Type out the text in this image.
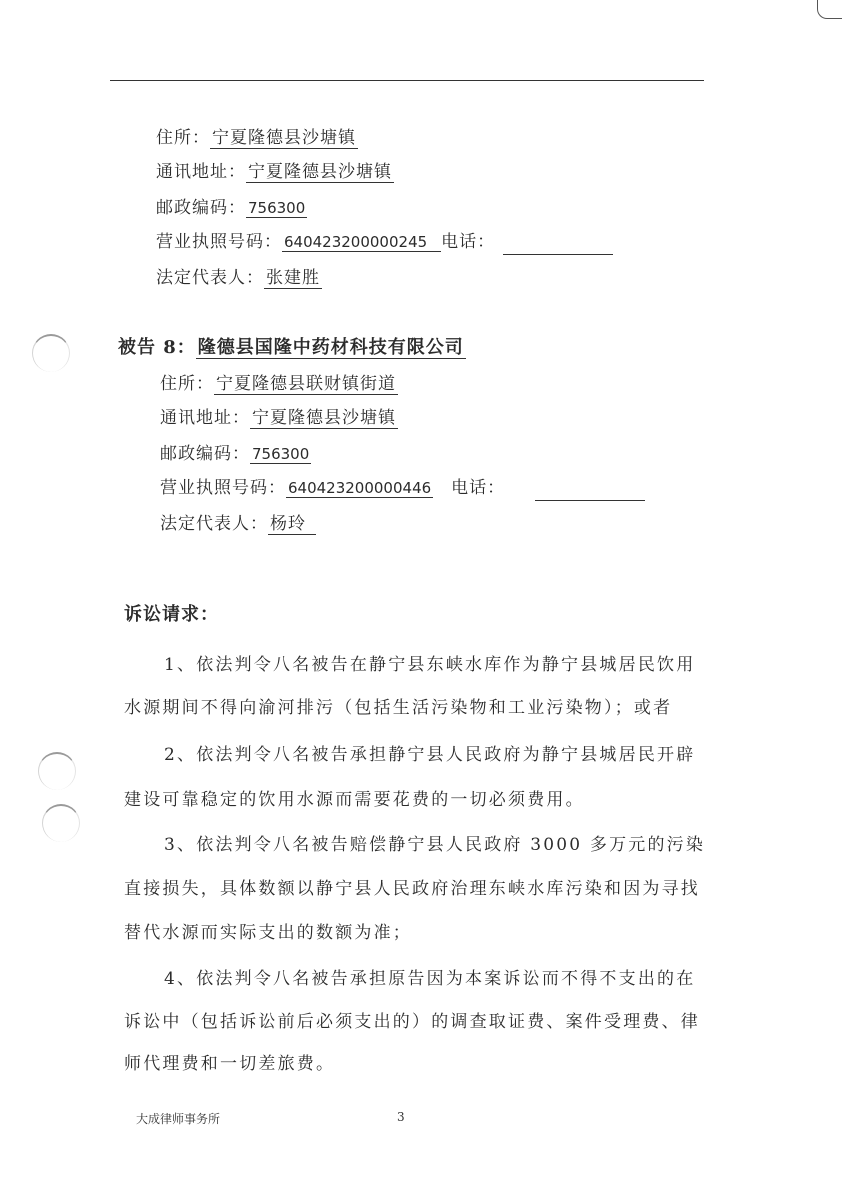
住所： 宁夏隆德县沙塘镇
通讯地址： 宁夏隆德县沙塘镇
邮政编码： 756300
营业执照号码： 640423200000245 电话：
法定代表人： 张建胜
被告 8： 隆德县国隆中药材科技有限公司
住所： 宁夏隆德县联财镇街道
通讯地址： 宁夏隆德县沙塘镇
邮政编码： 756300
营业执照号码： 640423200000446 电话：
法定代表人： 杨玲
诉讼请求：
1、依法判令八名被告在静宁县东峡水库作为静宁县城居民饮用
水源期间不得向渝河排污（包括生活污染物和工业污染物）；或者
2、依法判令八名被告承担静宁县人民政府为静宁县城居民开辟
建设可靠稳定的饮用水源而需要花费的一切必须费用。
3、依法判令八名被告赔偿静宁县人民政府 3000 多万元的污染
直接损失，具体数额以静宁县人民政府治理东峡水库污染和因为寻找
替代水源而实际支出的数额为准；
4、依法判令八名被告承担原告因为本案诉讼而不得不支出的在
诉讼中（包括诉讼前后必须支出的）的调查取证费、案件受理费、律
师代理费和一切差旅费。
大成律师事务所	3
